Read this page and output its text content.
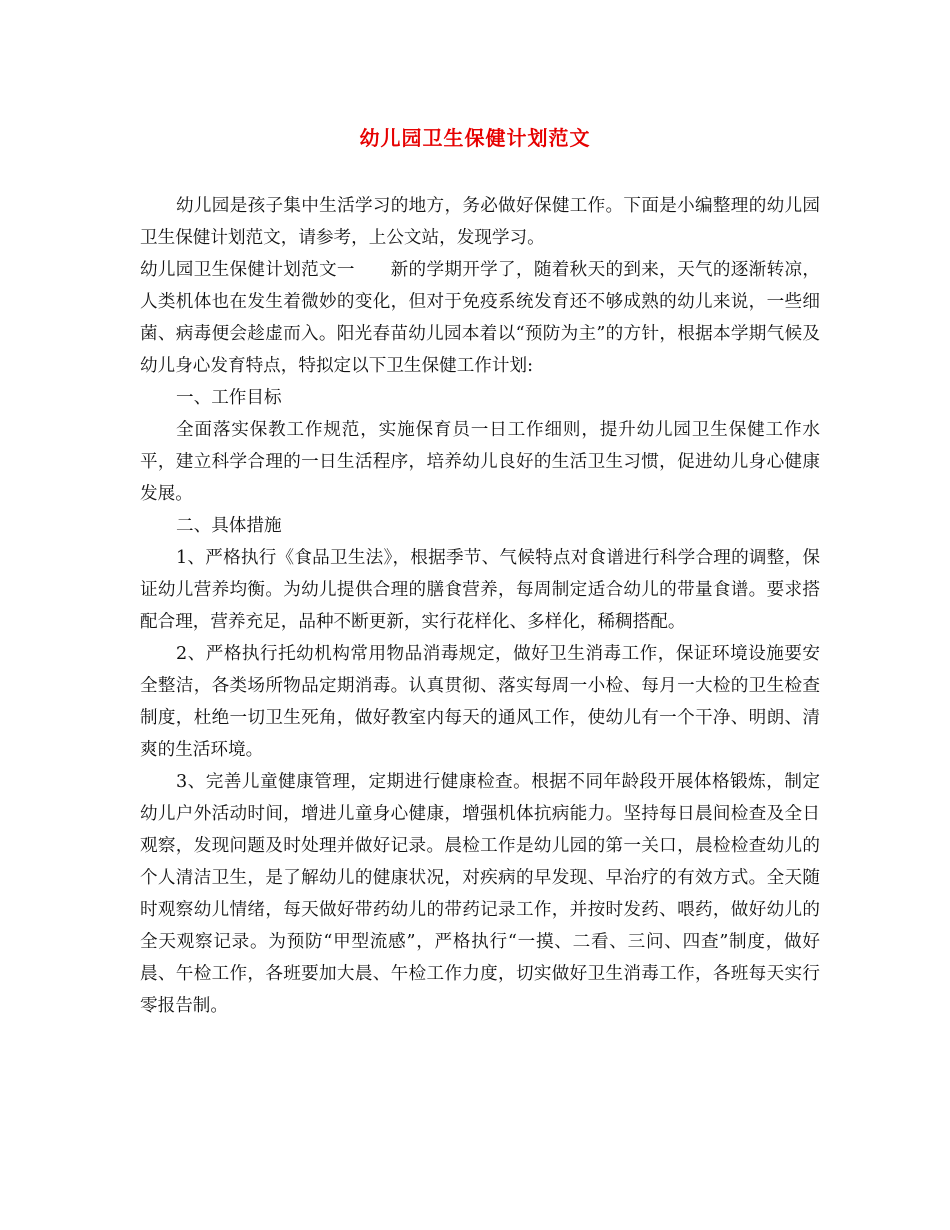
幼儿园卫生保健计划范文

幼儿园是孩子集中生活学习的地方，务必做好保健工作。下面是小编整理的幼儿园卫生保健计划范文，请参考，上公文站，发现学习。

幼儿园卫生保健计划范文一　　新的学期开学了，随着秋天的到来，天气的逐渐转凉，人类机体也在发生着微妙的变化，但对于免疫系统发育还不够成熟的幼儿来说，一些细菌、病毒便会趁虚而入。阳光春苗幼儿园本着以“预防为主”的方针，根据本学期气候及幼儿身心发育特点，特拟定以下卫生保健工作计划:

一、工作目标

全面落实保教工作规范，实施保育员一日工作细则，提升幼儿园卫生保健工作水平，建立科学合理的一日生活程序，培养幼儿良好的生活卫生习惯，促进幼儿身心健康发展。

二、具体措施

1、严格执行《食品卫生法》，根据季节、气候特点对食谱进行科学合理的调整，保证幼儿营养均衡。为幼儿提供合理的膳食营养，每周制定适合幼儿的带量食谱。要求搭配合理，营养充足，品种不断更新，实行花样化、多样化，稀稠搭配。

2、严格执行托幼机构常用物品消毒规定，做好卫生消毒工作，保证环境设施要安全整洁，各类场所物品定期消毒。认真贯彻、落实每周一小检、每月一大检的卫生检查制度，杜绝一切卫生死角，做好教室内每天的通风工作，使幼儿有一个干净、明朗、清爽的生活环境。

3、完善儿童健康管理，定期进行健康检查。根据不同年龄段开展体格锻炼，制定幼儿户外活动时间，增进儿童身心健康，增强机体抗病能力。坚持每日晨间检查及全日观察，发现问题及时处理并做好记录。晨检工作是幼儿园的第一关口，晨检检查幼儿的个人清洁卫生，是了解幼儿的健康状况，对疾病的早发现、早治疗的有效方式。全天随时观察幼儿情绪，每天做好带药幼儿的带药记录工作，并按时发药、喂药，做好幼儿的全天观察记录。为预防“甲型流感”，严格执行“一摸、二看、三问、四查”制度，做好晨、午检工作，各班要加大晨、午检工作力度，切实做好卫生消毒工作，各班每天实行零报告制。
